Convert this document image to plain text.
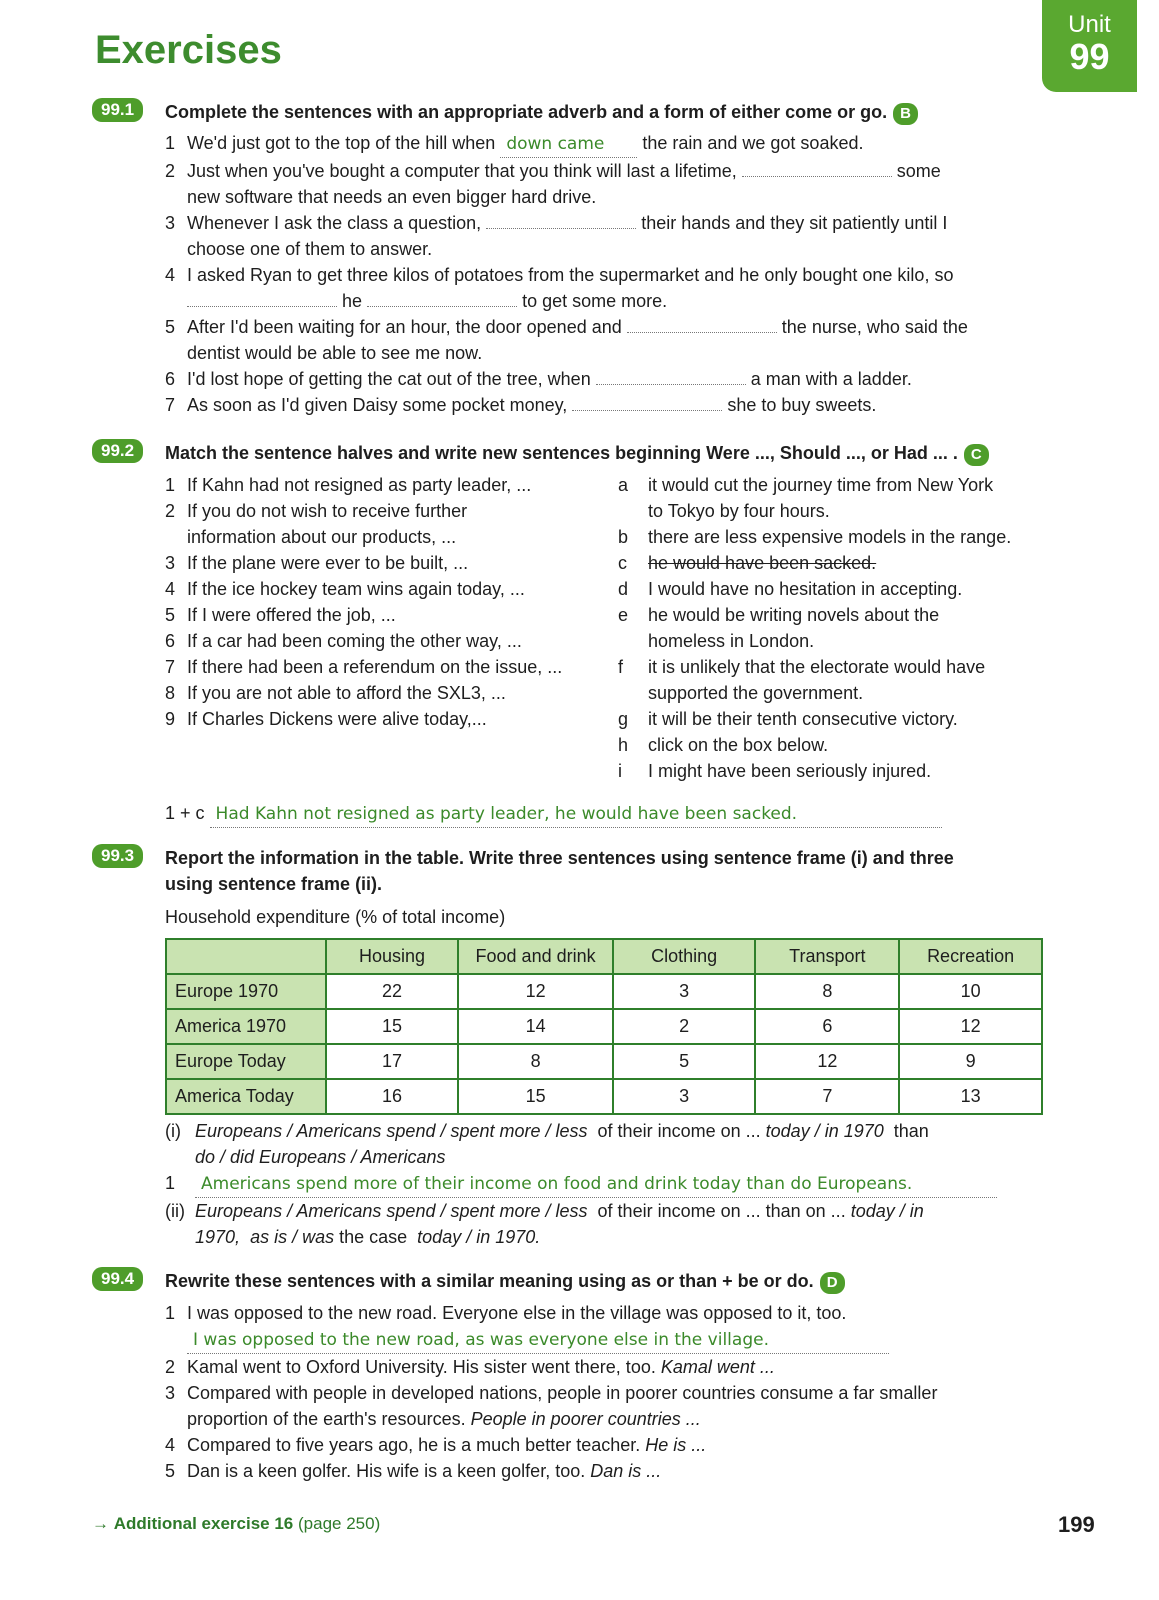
Exercises
Unit
99
99.1	Complete the sentences with an appropriate adverb and a form of either come or go. B
1 We'd just got to the top of the hill when down came the rain and we got soaked.
2 Just when you've bought a computer that you think will last a lifetime,	some
new software that needs an even bigger hard drive.
3 Whenever I ask the class a question,	their hands and they sit patiently until I
choose one of them to answer.
4 I asked Ryan to get three kilos of potatoes from the supermarket and he only bought one kilo, so
he	to get some more.
5 After I'd been waiting for an hour, the door opened and	the nurse, who said the
dentist would be able to see me now.
6 I'd lost hope of getting the cat out of the tree, when	a man with a ladder.
7 As soon as I'd given Daisy some pocket money,	she to buy sweets.
99.2	Match the sentence halves and write new sentences beginning Were ..., Should ..., or Had ... . C
1 If Kahn had not resigned as party leader, ...
2 If you do not wish to receive further
information about our products, ...
3 If the plane were ever to be built, ...
4 If the ice hockey team wins again today, ...
5 If I were offered the job, ...
6 If a car had been coming the other way, ...
7 If there had been a referendum on the issue, ...
8 If you are not able to afford the SXL3, ...
9 If Charles Dickens were alive today,...
a it would cut the journey time from New York
to Tokyo by four hours.
b there are less expensive models in the range.
c he would have been sacked.
d I would have no hesitation in accepting.
e he would be writing novels about the
homeless in London.
f it is unlikely that the electorate would have
supported the government.
g it will be their tenth consecutive victory.
h click on the box below.
i I might have been seriously injured.
1 + c Had Kahn not resigned as party leader, he would have been sacked.
99.3	Report the information in the table. Write three sentences using sentence frame (i) and three
using sentence frame (ii).
Household expenditure (% of total income)
	Housing	Food and drink	Clothing	Transport	Recreation
Europe 1970	22	12	3	8	10
America 1970	15	14	2	6	12
Europe Today	17	8	5	12	9
America Today	16	15	3	7	13
(i) Europeans / Americans spend / spent more / less of their income on ... today / in 1970 than
do / did Europeans / Americans
1 Americans spend more of their income on food and drink today than do Europeans.
(ii) Europeans / Americans spend / spent more / less of their income on ... than on ... today / in
1970, as is / was the case today / in 1970.
99.4	Rewrite these sentences with a similar meaning using as or than + be or do. D
1 I was opposed to the new road. Everyone else in the village was opposed to it, too.
I was opposed to the new road, as was everyone else in the village.
2 Kamal went to Oxford University. His sister went there, too. Kamal went ...
3 Compared with people in developed nations, people in poorer countries consume a far smaller
proportion of the earth's resources. People in poorer countries ...
4 Compared to five years ago, he is a much better teacher. He is ...
5 Dan is a keen golfer. His wife is a keen golfer, too. Dan is ...
→ Additional exercise 16 (page 250)	199
